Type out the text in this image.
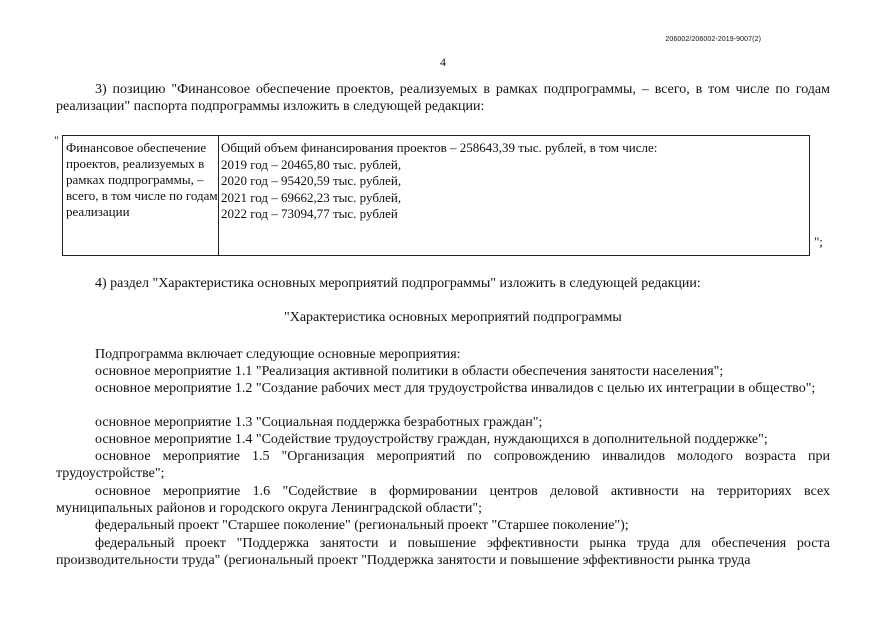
206002/206002-2019-9007(2)
4
3) позицию "Финансовое обеспечение проектов, реализуемых в рамках подпрограммы, – всего, в том числе по годам реализации" паспорта подпрограммы изложить в следующей редакции:
" Финансовое обеспечение проектов, реализуемых в рамках подпрограммы, – всего, в том числе по годам реализации
Общий объем финансирования проектов – 258643,39 тыс. рублей, в том числе:
2019 год – 20465,80 тыс. рублей,
2020 год – 95420,59 тыс. рублей,
2021 год – 69662,23 тыс. рублей,
2022 год – 73094,77 тыс. рублей
";
4) раздел "Характеристика основных мероприятий подпрограммы" изложить в следующей редакции:
"Характеристика основных мероприятий подпрограммы
Подпрограмма включает следующие основные мероприятия:
основное мероприятие 1.1 "Реализация активной политики в области обеспечения занятости населения";
основное мероприятие 1.2 "Создание рабочих мест для трудоустройства инвалидов с целью их интеграции в общество";
основное мероприятие 1.3 "Социальная поддержка безработных граждан";
основное мероприятие 1.4 "Содействие трудоустройству граждан, нуждающихся в дополнительной поддержке";
основное мероприятие 1.5 "Организация мероприятий по сопровождению инвалидов молодого возраста при трудоустройстве";
основное мероприятие 1.6 "Содействие в формировании центров деловой активности на территориях всех муниципальных районов и городского округа Ленинградской области";
федеральный проект "Старшее поколение" (региональный проект "Старшее поколение");
федеральный проект "Поддержка занятости и повышение эффективности рынка труда для обеспечения роста производительности труда" (региональный проект "Поддержка занятости и повышение эффективности рынка труда
